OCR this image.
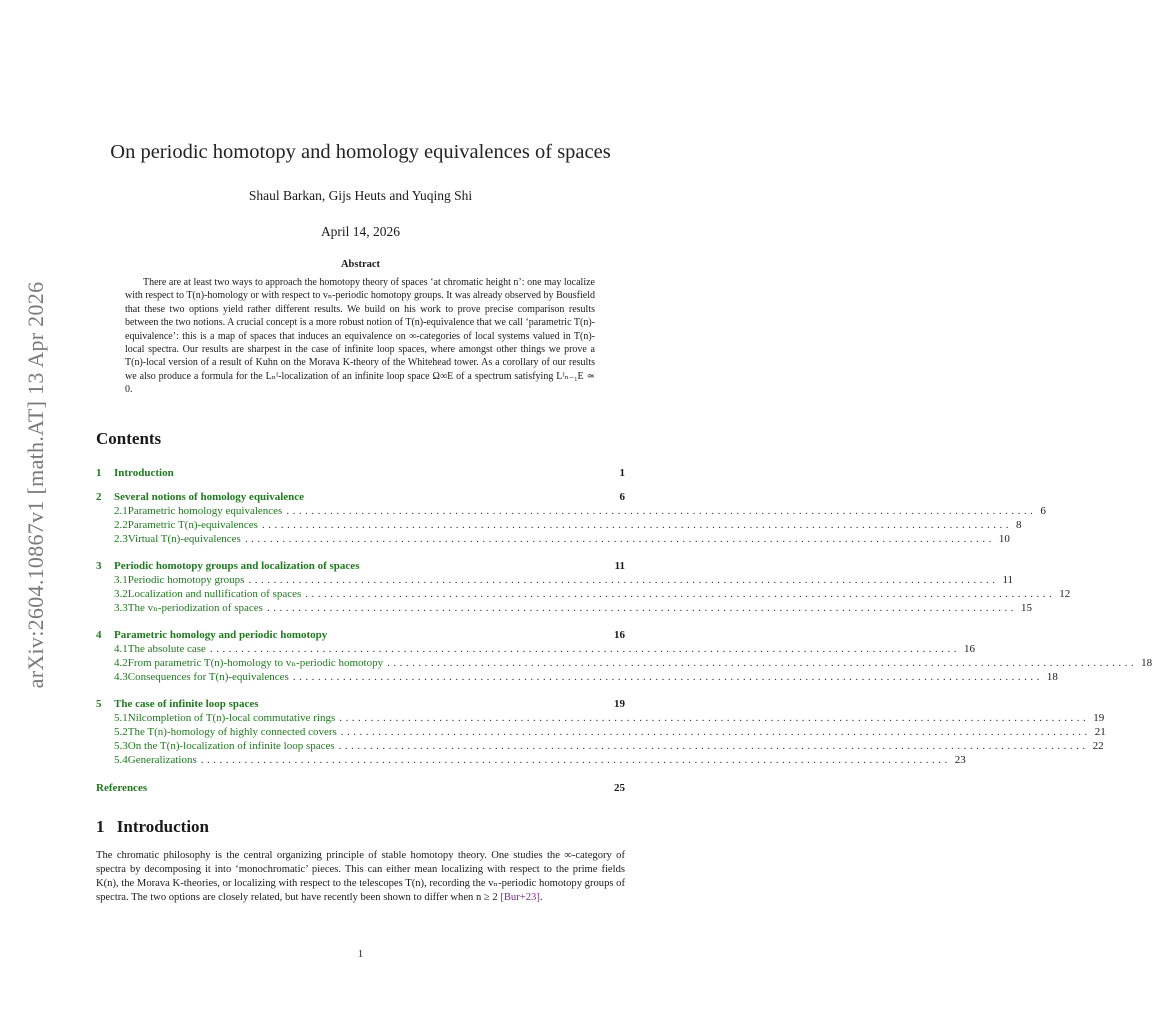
arXiv:2604.10867v1 [math.AT] 13 Apr 2026
On periodic homotopy and homology equivalences of spaces
Shaul Barkan, Gijs Heuts and Yuqing Shi
April 14, 2026
Abstract
There are at least two ways to approach the homotopy theory of spaces ‘at chromatic height n’: one may localize with respect to T(n)-homology or with respect to vₙ-periodic homotopy groups. It was already observed by Bousfield that these two options yield rather different results. We build on his work to prove precise comparison results between the two notions. A crucial concept is a more robust notion of T(n)-equivalence that we call ‘parametric T(n)-equivalence’: this is a map of spaces that induces an equivalence on ∞-categories of local systems valued in T(n)-local spectra. Our results are sharpest in the case of infinite loop spaces, where amongst other things we prove a T(n)-local version of a result of Kuhn on the Morava K-theory of the Whitehead tower. As a corollary of our results we also produce a formula for the Lₙᶠ-localization of an infinite loop space Ω∞E of a spectrum satisfying Lᶠₙ₋₁E ≃ 0.
Contents
1	Introduction	1
2	Several notions of homology equivalence	6
2.1 Parametric homology equivalences ........................................................................................................................ 6
2.2 Parametric T(n)-equivalences ........................................................................................................................ 8
2.3 Virtual T(n)-equivalences ........................................................................................................................ 10
3	Periodic homotopy groups and localization of spaces	11
3.1 Periodic homotopy groups ........................................................................................................................ 11
3.2 Localization and nullification of spaces ........................................................................................................................ 12
3.3 The vₙ-periodization of spaces ........................................................................................................................ 15
4	Parametric homology and periodic homotopy	16
4.1 The absolute case ........................................................................................................................ 16
4.2 From parametric T(n)-homology to vₙ-periodic homotopy ........................................................................................................................ 18
4.3 Consequences for T(n)-equivalences ........................................................................................................................ 18
5	The case of infinite loop spaces	19
5.1 Nilcompletion of T(n)-local commutative rings ........................................................................................................................ 19
5.2 The T(n)-homology of highly connected covers ........................................................................................................................ 21
5.3 On the T(n)-localization of infinite loop spaces ........................................................................................................................ 22
5.4 Generalizations ........................................................................................................................ 23
References	25
1 Introduction
The chromatic philosophy is the central organizing principle of stable homotopy theory. One studies the ∞-category of spectra by decomposing it into ‘monochromatic’ pieces. This can either mean localizing with respect to the prime fields K(n), the Morava K-theories, or localizing with respect to the telescopes T(n), recording the vₙ-periodic homotopy groups of spectra. The two options are closely related, but have recently been shown to differ when n ≥ 2 [Bur+23].
1
